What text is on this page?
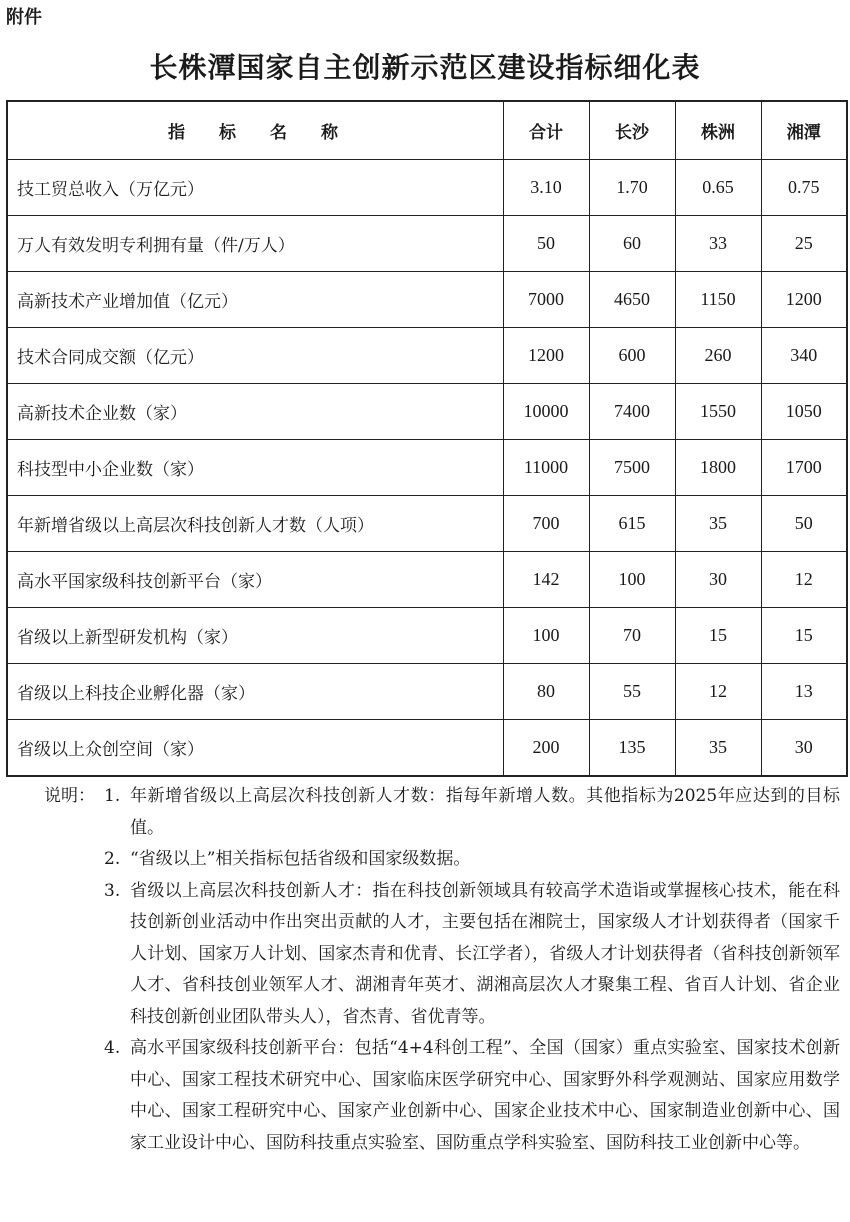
附件
长株潭国家自主创新示范区建设指标细化表
指　　标　　名　　称	合计	长沙	株洲	湘潭
技工贸总收入（万亿元）	3.10	1.70	0.65	0.75
万人有效发明专利拥有量（件/万人）	50	60	33	25
高新技术产业增加值（亿元）	7000	4650	1150	1200
技术合同成交额（亿元）	1200	600	260	340
高新技术企业数（家）	10000	7400	1550	1050
科技型中小企业数（家）	11000	7500	1800	1700
年新增省级以上高层次科技创新人才数（人项）	700	615	35	50
高水平国家级科技创新平台（家）	142	100	30	12
省级以上新型研发机构（家）	100	70	15	15
省级以上科技企业孵化器（家）	80	55	12	13
省级以上众创空间（家）	200	135	35	30
说明： 1. 年新增省级以上高层次科技创新人才数：指每年新增人数。其他指标为2025年应达到的目标值。
2. “省级以上”相关指标包括省级和国家级数据。
3. 省级以上高层次科技创新人才：指在科技创新领域具有较高学术造诣或掌握核心技术，能在科技创新创业活动中作出突出贡献的人才，主要包括在湘院士，国家级人才计划获得者（国家千人计划、国家万人计划、国家杰青和优青、长江学者），省级人才计划获得者（省科技创新领军人才、省科技创业领军人才、湖湘青年英才、湖湘高层次人才聚集工程、省百人计划、省企业科技创新创业团队带头人），省杰青、省优青等。
4. 高水平国家级科技创新平台：包括“4+4科创工程”、全国（国家）重点实验室、国家技术创新中心、国家工程技术研究中心、国家临床医学研究中心、国家野外科学观测站、国家应用数学中心、国家工程研究中心、国家产业创新中心、国家企业技术中心、国家制造业创新中心、国家工业设计中心、国防科技重点实验室、国防重点学科实验室、国防科技工业创新中心等。
